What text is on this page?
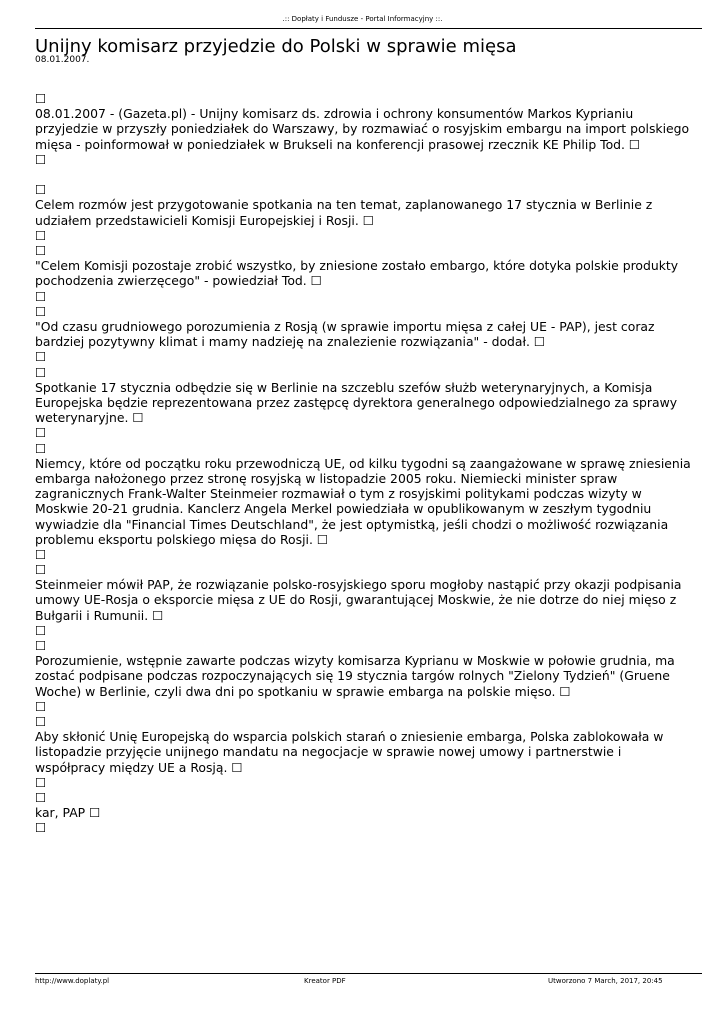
.:: Dopłaty i Fundusze - Portal Informacyjny ::.
Unijny komisarz przyjedzie do Polski w sprawie mięsa
08.01.2007.
☐
08.01.2007 - (Gazeta.pl) - Unijny komisarz ds. zdrowia i ochrony konsumentów Markos Kyprianiu przyjedzie w przyszły poniedziałek do Warszawy, by rozmawiać o rosyjskim embargu na import polskiego mięsa - poinformował w poniedziałek w Brukseli na konferencji prasowej rzecznik KE Philip Tod. ☐
☐
☐
Celem rozmów jest przygotowanie spotkania na ten temat, zaplanowanego 17 stycznia w Berlinie z udziałem przedstawicieli Komisji Europejskiej i Rosji. ☐
☐
☐
"Celem Komisji pozostaje zrobić wszystko, by zniesione zostało embargo, które dotyka polskie produkty pochodzenia zwierzęcego" - powiedział Tod. ☐
☐
☐
"Od czasu grudniowego porozumienia z Rosją (w sprawie importu mięsa z całej UE - PAP), jest coraz bardziej pozytywny klimat i mamy nadzieję na znalezienie rozwiązania" - dodał. ☐
☐
☐
Spotkanie 17 stycznia odbędzie się w Berlinie na szczeblu szefów służb weterynaryjnych, a Komisja Europejska będzie reprezentowana przez zastępcę dyrektora generalnego odpowiedzialnego za sprawy weterynaryjne. ☐
☐
☐
Niemcy, które od początku roku przewodniczą UE, od kilku tygodni są zaangażowane w sprawę zniesienia embarga nałożonego przez stronę rosyjską w listopadzie 2005 roku. Niemiecki minister spraw zagranicznych Frank-Walter Steinmeier rozmawiał o tym z rosyjskimi politykami podczas wizyty w Moskwie 20-21 grudnia. Kanclerz Angela Merkel powiedziała w opublikowanym w zeszłym tygodniu wywiadzie dla "Financial Times Deutschland", że jest optymistką, jeśli chodzi o możliwość rozwiązania problemu eksportu polskiego mięsa do Rosji. ☐
☐
☐
Steinmeier mówił PAP, że rozwiązanie polsko-rosyjskiego sporu mogłoby nastąpić przy okazji podpisania umowy UE-Rosja o eksporcie mięsa z UE do Rosji, gwarantującej Moskwie, że nie dotrze do niej mięso z Bułgarii i Rumunii. ☐
☐
☐
Porozumienie, wstępnie zawarte podczas wizyty komisarza Kyprianu w Moskwie w połowie grudnia, ma zostać podpisane podczas rozpoczynających się 19 stycznia targów rolnych "Zielony Tydzień" (Gruene Woche) w Berlinie, czyli dwa dni po spotkaniu w sprawie embarga na polskie mięso. ☐
☐
☐
Aby skłonić Unię Europejską do wsparcia polskich starań o zniesienie embarga, Polska zablokowała w listopadzie przyjęcie unijnego mandatu na negocjacje w sprawie nowej umowy i partnerstwie i współpracy między UE a Rosją. ☐
☐
☐
kar, PAP ☐
☐
http://www.doplaty.pl	Kreator PDF	Utworzono 7 March, 2017, 20:45
